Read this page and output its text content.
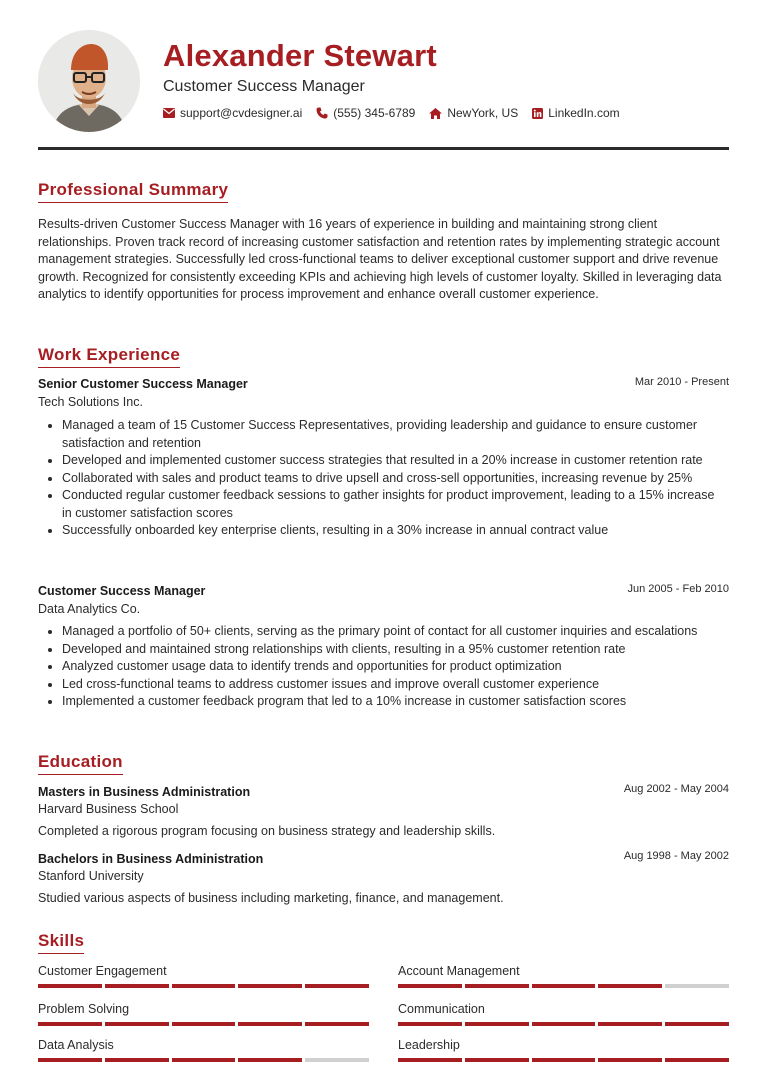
Alexander Stewart
Customer Success Manager
support@cvdesigner.ai	(555) 345-6789	NewYork, US	LinkedIn.com
Professional Summary
Results-driven Customer Success Manager with 16 years of experience in building and maintaining strong client relationships. Proven track record of increasing customer satisfaction and retention rates by implementing strategic account management strategies. Successfully led cross-functional teams to deliver exceptional customer support and drive revenue growth. Recognized for consistently exceeding KPIs and achieving high levels of customer loyalty. Skilled in leveraging data analytics to identify opportunities for process improvement and enhance overall customer experience.
Work Experience
Senior Customer Success Manager	Mar 2010 - Present
Tech Solutions Inc.
Managed a team of 15 Customer Success Representatives, providing leadership and guidance to ensure customer satisfaction and retention
Developed and implemented customer success strategies that resulted in a 20% increase in customer retention rate
Collaborated with sales and product teams to drive upsell and cross-sell opportunities, increasing revenue by 25%
Conducted regular customer feedback sessions to gather insights for product improvement, leading to a 15% increase in customer satisfaction scores
Successfully onboarded key enterprise clients, resulting in a 30% increase in annual contract value
Customer Success Manager	Jun 2005 - Feb 2010
Data Analytics Co.
Managed a portfolio of 50+ clients, serving as the primary point of contact for all customer inquiries and escalations
Developed and maintained strong relationships with clients, resulting in a 95% customer retention rate
Analyzed customer usage data to identify trends and opportunities for product optimization
Led cross-functional teams to address customer issues and improve overall customer experience
Implemented a customer feedback program that led to a 10% increase in customer satisfaction scores
Education
Masters in Business Administration	Aug 2002 - May 2004
Harvard Business School
Completed a rigorous program focusing on business strategy and leadership skills.
Bachelors in Business Administration	Aug 1998 - May 2002
Stanford University
Studied various aspects of business including marketing, finance, and management.
Skills
Customer Engagement	Account Management
Problem Solving	Communication
Data Analysis	Leadership
